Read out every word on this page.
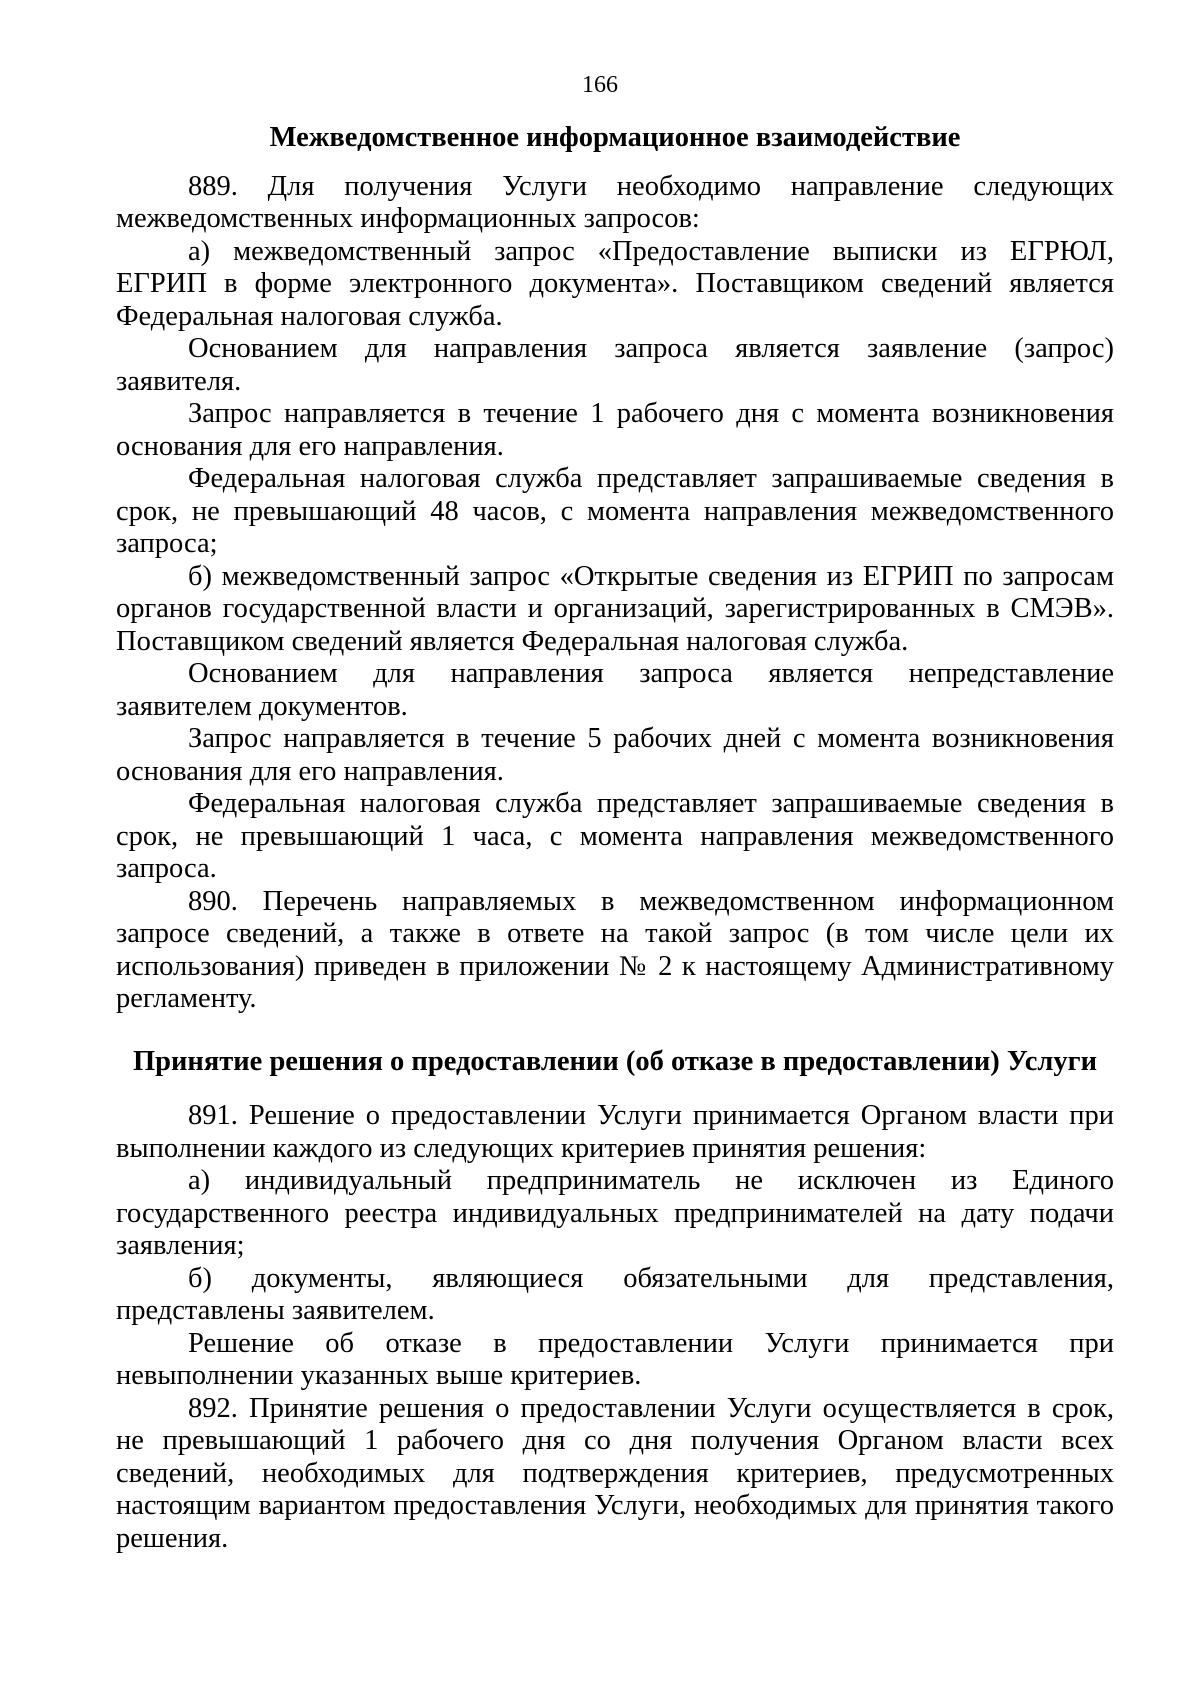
166
Межведомственное информационное взаимодействие

889. Для получения Услуги необходимо направление следующих межведомственных информационных запросов:

а) межведомственный запрос «Предоставление выписки из ЕГРЮЛ, ЕГРИП в форме электронного документа». Поставщиком сведений является Федеральная налоговая служба.

Основанием для направления запроса является заявление (запрос) заявителя.

Запрос направляется в течение 1 рабочего дня с момента возникновения основания для его направления.

Федеральная налоговая служба представляет запрашиваемые сведения в срок, не превышающий 48 часов, с момента направления межведомственного запроса;

б) межведомственный запрос «Открытые сведения из ЕГРИП по запросам органов государственной власти и организаций, зарегистрированных в СМЭВ». Поставщиком сведений является Федеральная налоговая служба.

Основанием для направления запроса является непредставление заявителем документов.

Запрос направляется в течение 5 рабочих дней с момента возникновения основания для его направления.

Федеральная налоговая служба представляет запрашиваемые сведения в срок, не превышающий 1 часа, с момента направления межведомственного запроса.

890. Перечень направляемых в межведомственном информационном запросе сведений, а также в ответе на такой запрос (в том числе цели их использования) приведен в приложении № 2 к настоящему Административному регламенту.

Принятие решения о предоставлении (об отказе в предоставлении) Услуги

891. Решение о предоставлении Услуги принимается Органом власти при выполнении каждого из следующих критериев принятия решения:

а) индивидуальный предприниматель не исключен из Единого государственного реестра индивидуальных предпринимателей на дату подачи заявления;

б) документы, являющиеся обязательными для представления, представлены заявителем.

Решение об отказе в предоставлении Услуги принимается при невыполнении указанных выше критериев.

892. Принятие решения о предоставлении Услуги осуществляется в срок, не превышающий 1 рабочего дня со дня получения Органом власти всех сведений, необходимых для подтверждения критериев, предусмотренных настоящим вариантом предоставления Услуги, необходимых для принятия такого решения.
